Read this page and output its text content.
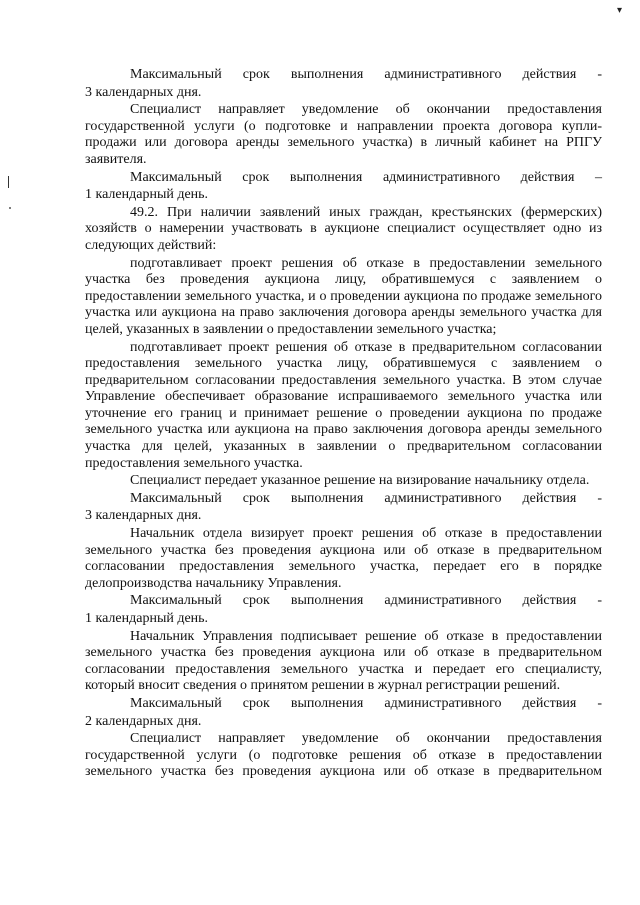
▾

Максимальный срок выполнения административного действия -

3 календарных дня.

Специалист направляет уведомление об окончании предоставления государственной услуги (о подготовке и направлении проекта договора купли-продажи или договора аренды земельного участка) в личный кабинет на РПГУ заявителя.

Максимальный срок выполнения административного действия –

1 календарный день.

49.2. При наличии заявлений иных граждан, крестьянских (фермерских) хозяйств о намерении участвовать в аукционе специалист осуществляет одно из следующих действий:

подготавливает проект решения об отказе в предоставлении земельного участка без проведения аукциона лицу, обратившемуся с заявлением о предоставлении земельного участка, и о проведении аукциона по продаже земельного участка или аукциона на право заключения договора аренды земельного участка для целей, указанных в заявлении о предоставлении земельного участка;

подготавливает проект решения об отказе в предварительном согласовании предоставления земельного участка лицу, обратившемуся с заявлением о предварительном согласовании предоставления земельного участка. В этом случае Управление обеспечивает образование испрашиваемого земельного участка или уточнение его границ и принимает решение о проведении аукциона по продаже земельного участка или аукциона на право заключения договора аренды земельного участка для целей, указанных в заявлении о предварительном согласовании предоставления земельного участка.

Специалист передает указанное решение на визирование начальнику отдела.

Максимальный срок выполнения административного действия -

3 календарных дня.

Начальник отдела визирует проект решения об отказе в предоставлении земельного участка без проведения аукциона или об отказе в предварительном согласовании предоставления земельного участка, передает его в порядке делопроизводства начальнику Управления.

Максимальный срок выполнения административного действия -

1 календарный день.

Начальник Управления подписывает решение об отказе в предоставлении земельного участка без проведения аукциона или об отказе в предварительном согласовании предоставления земельного участка и передает его специалисту, который вносит сведения о принятом решении в журнал регистрации решений.

Максимальный срок выполнения административного действия -

2 календарных дня.

Специалист направляет уведомление об окончании предоставления государственной услуги (о подготовке решения об отказе в предоставлении земельного участка без проведения аукциона или об отказе в предварительном
